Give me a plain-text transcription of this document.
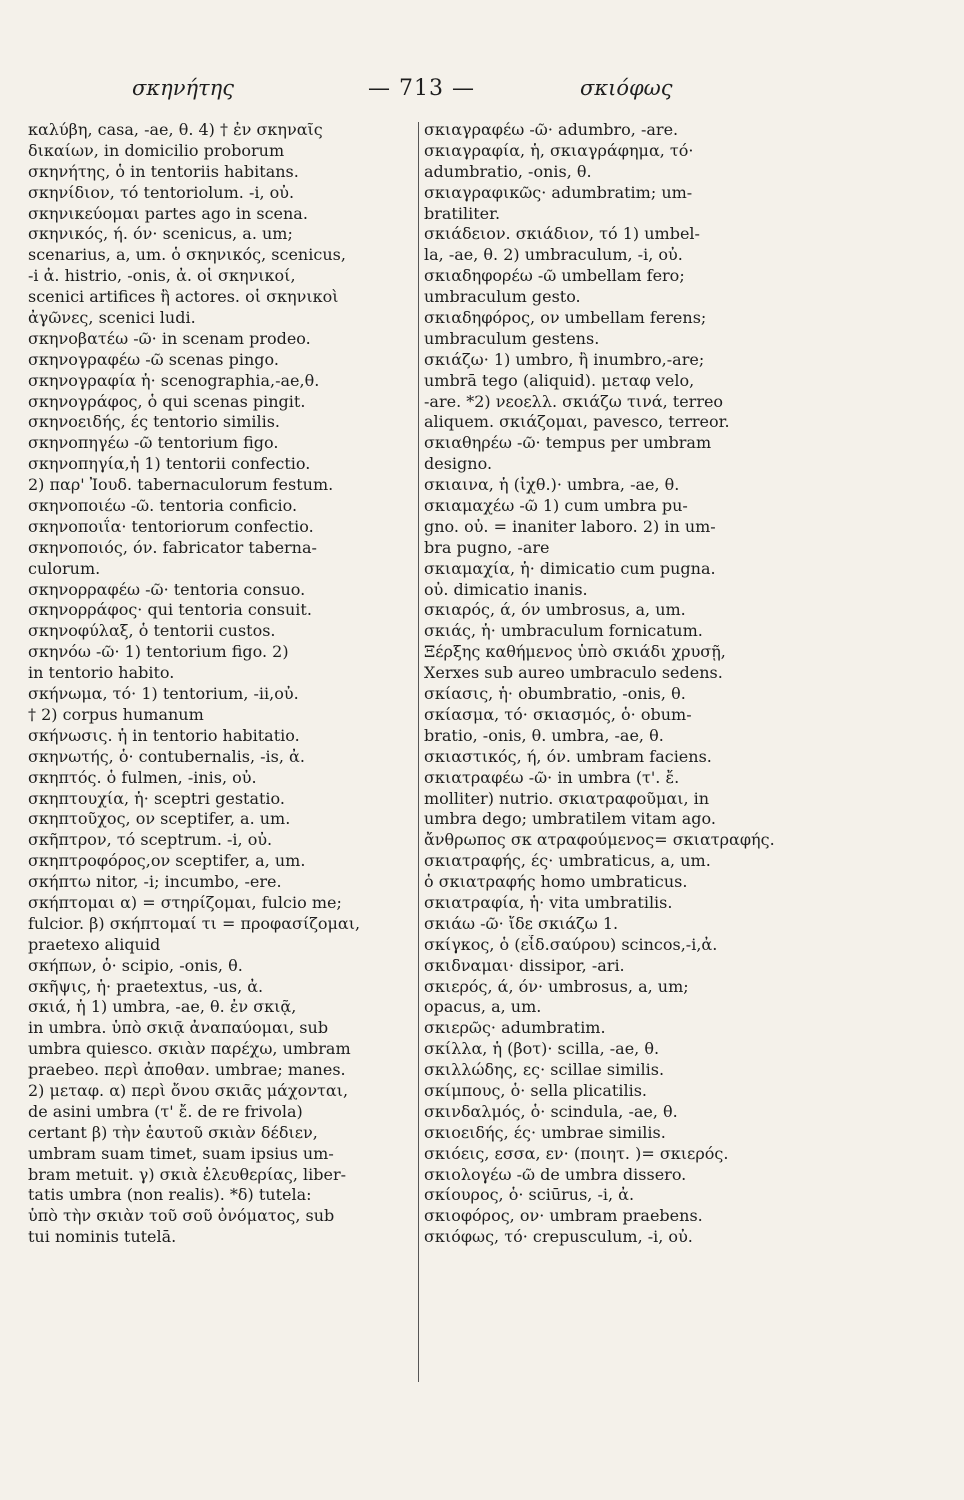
σκηνήτης	— 713 —	σκιόφως
καλύβη, casa, -ae, θ. 4) † ἐν σκηναῖς
δικαίων, in domicilio proborum
σκηνήτης, ὁ in tentoriis habitans.
σκηνίδιον, τό tentoriolum. -i, οὐ.
σκηνικεύομαι partes ago in scena.
σκηνικός, ή. όν· scenicus, a. um;
scenarius, a, um. ὁ σκηνικός, scenicus,
-i ἀ. histrio, -onis, ἀ. οἱ σκηνικοί,
scenici artifices ἢ actores. οἱ σκηνικοὶ
ἀγῶνες, scenici ludi.
σκηνοβατέω -ῶ· in scenam prodeo.
σκηνογραφέω -ῶ scenas pingo.
σκηνογραφία ἡ· scenographia,-ae,θ.
σκηνογράφος, ὁ qui scenas pingit.
σκηνοειδής, ές tentorio similis.
σκηνοπηγέω -ῶ tentorium figo.
σκηνοπηγία,ἡ 1) tentorii confectio.
2) παρ' Ἰουδ. tabernaculorum festum.
σκηνοποιέω -ῶ. tentoria conficio.
σκηνοποιΐα· tentoriorum confectio.
σκηνοποιός, όν. fabricator taberna-
culorum.
σκηνορραφέω -ῶ· tentoria consuo.
σκηνορράφος· qui tentoria consuit.
σκηνοφύλαξ, ὁ tentorii custos.
σκηνόω -ῶ· 1) tentorium figo. 2)
in tentorio habito.
σκήνωμα, τό· 1) tentorium, -ii,οὐ.
† 2) corpus humanum
σκήνωσις. ἡ in tentorio habitatio.
σκηνωτής, ὁ· contubernalis, -is, ἀ.
σκηπτός. ὁ fulmen, -inis, οὐ.
σκηπτουχία, ἡ· sceptri gestatio.
σκηπτοῦχος, ον sceptifer, a. um.
σκῆπτρον, τό sceptrum. -i, οὐ.
σκηπτροφόρος,ον sceptifer, a, um.
σκήπτω nitor, -i; incumbo, -ere.
σκήπτομαι α) = στηρίζομαι, fulcio me;
fulcior. β) σκήπτομαί τι = προφασίζομαι,
praetexo aliquid
σκήπων, ὁ· scipio, -onis, θ.
σκῆψις, ἡ· praetextus, -us, ἀ.
σκιά, ἡ 1) umbra, -ae, θ. ἐν σκιᾷ,
in umbra. ὑπὸ σκιᾷ ἀναπαύομαι, sub
umbra quiesco. σκιὰν παρέχω, umbram
praebeo. περὶ ἀποθαν. umbrae; manes.
2) μεταφ. α) περὶ ὄνου σκιᾶς μάχονται,
de asini umbra (τ' ἔ. de re frivola)
certant β) τὴν ἑαυτοῦ σκιὰν δέδιεν,
umbram suam timet, suam ipsius um-
bram metuit. γ) σκιὰ ἐλευθερίας, liber-
tatis umbra (non realis). *δ) tutela:
ὑπὸ τὴν σκιὰν τοῦ σοῦ ὀνόματος, sub
tui nominis tutelā.
σκιαγραφέω -ῶ· adumbro, -are.
σκιαγραφία, ἡ, σκιαγράφημα, τό·
adumbratio, -onis, θ.
σκιαγραφικῶς· adumbratim; um-
bratiliter.
σκιάδειον. σκιάδιον, τό 1) umbel-
la, -ae, θ. 2) umbraculum, -i, οὐ.
σκιαδηφορέω -ῶ umbellam fero;
umbraculum gesto.
σκιαδηφόρος, ον umbellam ferens;
umbraculum gestens.
σκιάζω· 1) umbro, ἢ inumbro,-are;
umbrā tego (aliquid). μεταφ velo,
-are. *2) νεοελλ. σκιάζω τινά, terreo
aliquem. σκιάζομαι, pavesco, terreor.
σκιαθηρέω -ῶ· tempus per umbram
designo.
σκιαινα, ἡ (ἰχθ.)· umbra, -ae, θ.
σκιαμαχέω -ῶ 1) cum umbra pu-
gno. οὐ. = inaniter laboro. 2) in um-
bra pugno, -are
σκιαμαχία, ἡ· dimicatio cum pugna.
οὐ. dimicatio inanis.
σκιαρός, ά, όν umbrosus, a, um.
σκιάς, ἡ· umbraculum fornicatum.
Ξέρξης καθήμενος ὑπὸ σκιάδι χρυσῇ,
Xerxes sub aureo umbraculo sedens.
σκίασις, ἡ· obumbratio, -onis, θ.
σκίασμα, τό· σκιασμός, ὁ· obum-
bratio, -onis, θ. umbra, -ae, θ.
σκιαστικός, ή, όν. umbram faciens.
σκιατραφέω -ῶ· in umbra (τ'. ἔ.
molliter) nutrio. σκιατραφοῦμαι, in
umbra dego; umbratilem vitam ago.
ἄνθρωπος σκ ατραφούμενος= σκιατραφής.
σκιατραφής, ές· umbraticus, a, um.
ὁ σκιατραφής homo umbraticus.
σκιατραφία, ἡ· vita umbratilis.
σκιάω -ῶ· ἴδε σκιάζω 1.
σκίγκος, ὁ (εἶδ.σαύρου) scincos,-i,ἀ.
σκιδναμαι· dissipor, -ari.
σκιερός, ά, όν· umbrosus, a, um;
opacus, a, um.
σκιερῶς· adumbratim.
σκίλλα, ἡ (βοτ)· scilla, -ae, θ.
σκιλλώδης, ες· scillae similis.
σκίμπους, ὁ· sella plicatilis.
σκινδαλμός, ὁ· scindula, -ae, θ.
σκιοειδής, ές· umbrae similis.
σκιόεις, εσσα, εν· (ποιητ. )= σκιερός.
σκιολογέω -ῶ de umbra dissero.
σκίουρος, ὁ· sciūrus, -i, ἀ.
σκιοφόρος, ον· umbram praebens.
σκιόφως, τό· crepusculum, -i, οὐ.
